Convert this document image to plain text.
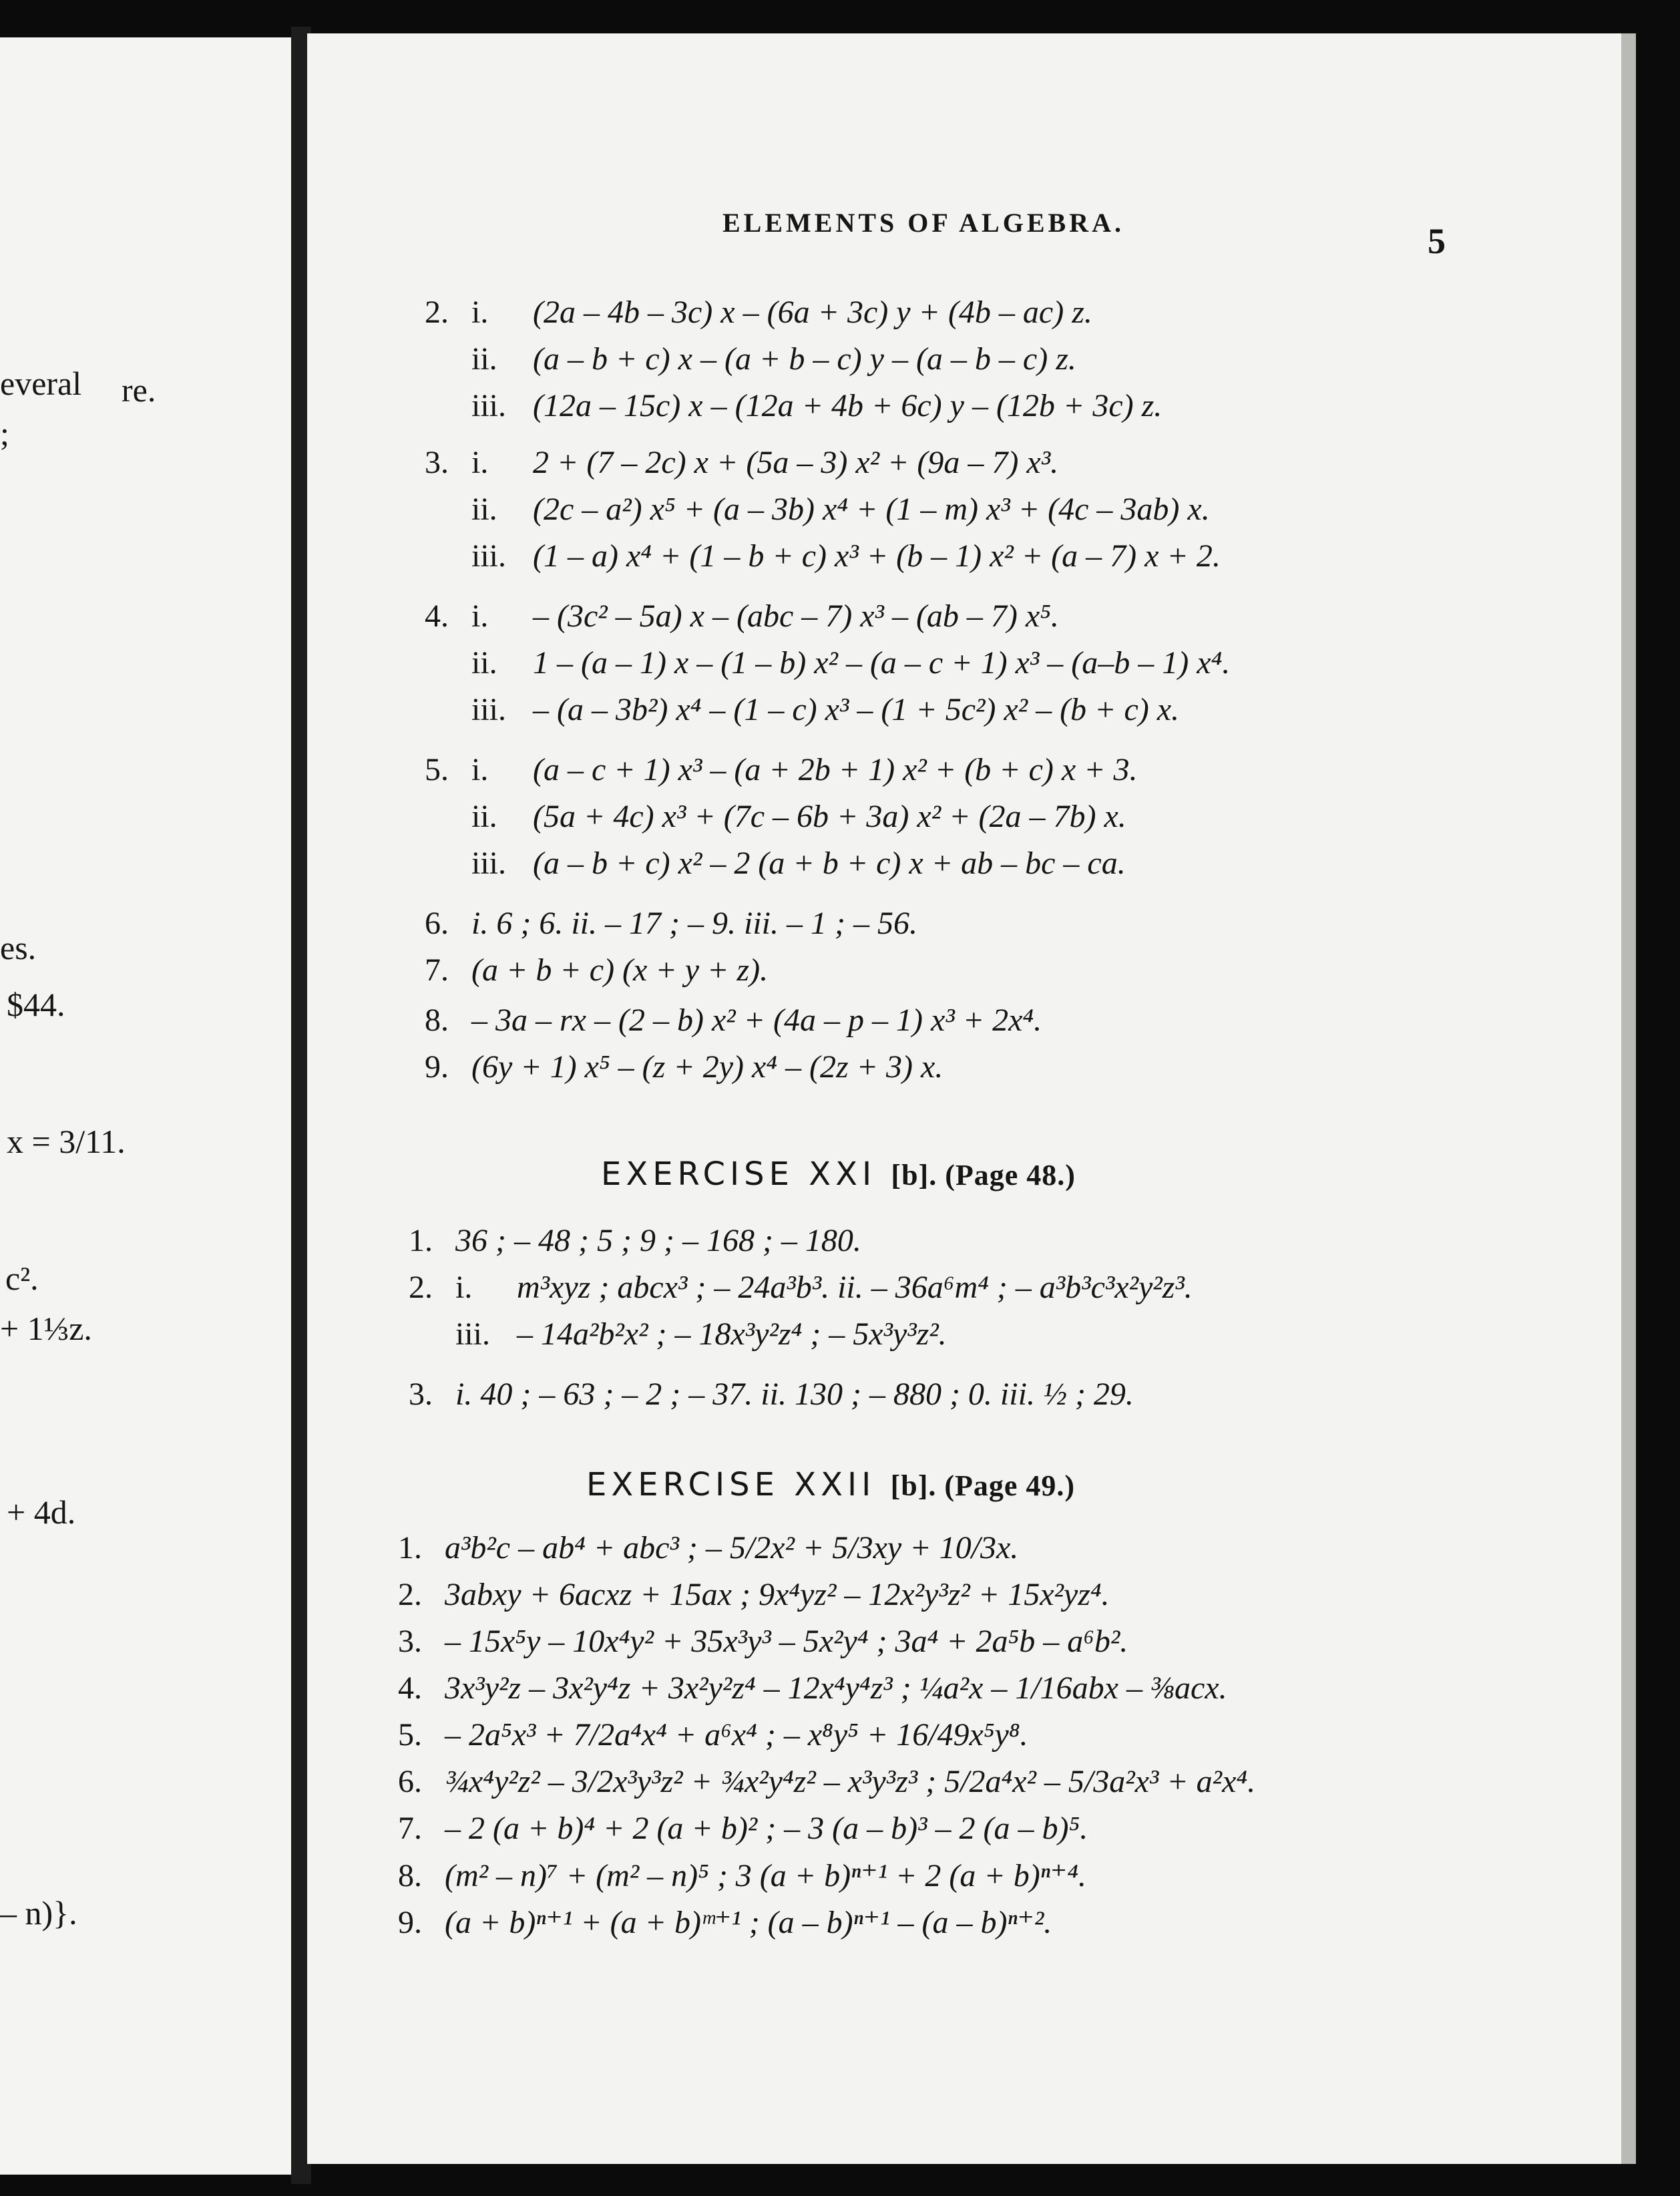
ELEMENTS OF ALGEBRA.	5
EXERCISE XXI [b]. (Page 48.)
EXERCISE XXII [b]. (Page 49.)
everal re.
;
es.
$44.
x = 3/11.
c².
+ 1⅓z.
+ 4d.
– n)}.
2. i. (2a – 4b – 3c) x – (6a + 3c) y + (4b – ac) z.
ii. (a – b + c) x – (a + b – c) y – (a – b – c) z.
iii. (12a – 15c) x – (12a + 4b + 6c) y – (12b + 3c) z.
3. i. 2 + (7 – 2c) x + (5a – 3) x² + (9a – 7) x³.
ii. (2c – a²) x⁵ + (a – 3b) x⁴ + (1 – m) x³ + (4c – 3ab) x.
iii. (1 – a) x⁴ + (1 – b + c) x³ + (b – 1) x² + (a – 7) x + 2.
4. i. – (3c² – 5a) x – (abc – 7) x³ – (ab – 7) x⁵.
ii. 1 – (a – 1) x – (1 – b) x² – (a – c + 1) x³ – (a–b – 1) x⁴.
iii. – (a – 3b²) x⁴ – (1 – c) x³ – (1 + 5c²) x² – (b + c) x.
5. i. (a – c + 1) x³ – (a + 2b + 1) x² + (b + c) x + 3.
ii. (5a + 4c) x³ + (7c – 6b + 3a) x² + (2a – 7b) x.
iii. (a – b + c) x² – 2 (a + b + c) x + ab – bc – ca.
6. i. 6 ; 6. ii. – 17 ; – 9. iii. – 1 ; – 56.
7. (a + b + c) (x + y + z).
8. – 3a – rx – (2 – b) x² + (4a – p – 1) x³ + 2x⁴.
9. (6y + 1) x⁵ – (z + 2y) x⁴ – (2z + 3) x.
1. 36 ; – 48 ; 5 ; 9 ; – 168 ; – 180.
2. i. m³xyz ; abcx³ ; – 24a³b³. ii. – 36a⁶m⁴ ; – a³b³c³x²y²z³.
iii. – 14a²b²x² ; – 18x³y²z⁴ ; – 5x³y³z².
3. i. 40 ; – 63 ; – 2 ; – 37. ii. 130 ; – 880 ; 0. iii. ½ ; 29.
1. a³b²c – ab⁴ + abc³ ; – 5/2x² + 5/3xy + 10/3x.
2. 3abxy + 6acxz + 15ax ; 9x⁴yz² – 12x²y³z² + 15x²yz⁴.
3. – 15x⁵y – 10x⁴y² + 35x³y³ – 5x²y⁴ ; 3a⁴ + 2a⁵b – a⁶b².
4. 3x³y²z – 3x²y⁴z + 3x²y²z⁴ – 12x⁴y⁴z³ ; ¼a²x – 1/16abx – ⅜acx.
5. – 2a⁵x³ + 7/2a⁴x⁴ + a⁶x⁴ ; – x⁸y⁵ + 16/49x⁵y⁸.
6. ¾x⁴y²z² – 3/2x³y³z² + ¾x²y⁴z² – x³y³z³ ; 5/2a⁴x² – 5/3a²x³ + a²x⁴.
7. – 2 (a + b)⁴ + 2 (a + b)² ; – 3 (a – b)³ – 2 (a – b)⁵.
8. (m² – n)⁷ + (m² – n)⁵ ; 3 (a + b)ⁿ⁺¹ + 2 (a + b)ⁿ⁺⁴.
9. (a + b)ⁿ⁺¹ + (a + b)ᵐ⁺¹ ; (a – b)ⁿ⁺¹ – (a – b)ⁿ⁺².
